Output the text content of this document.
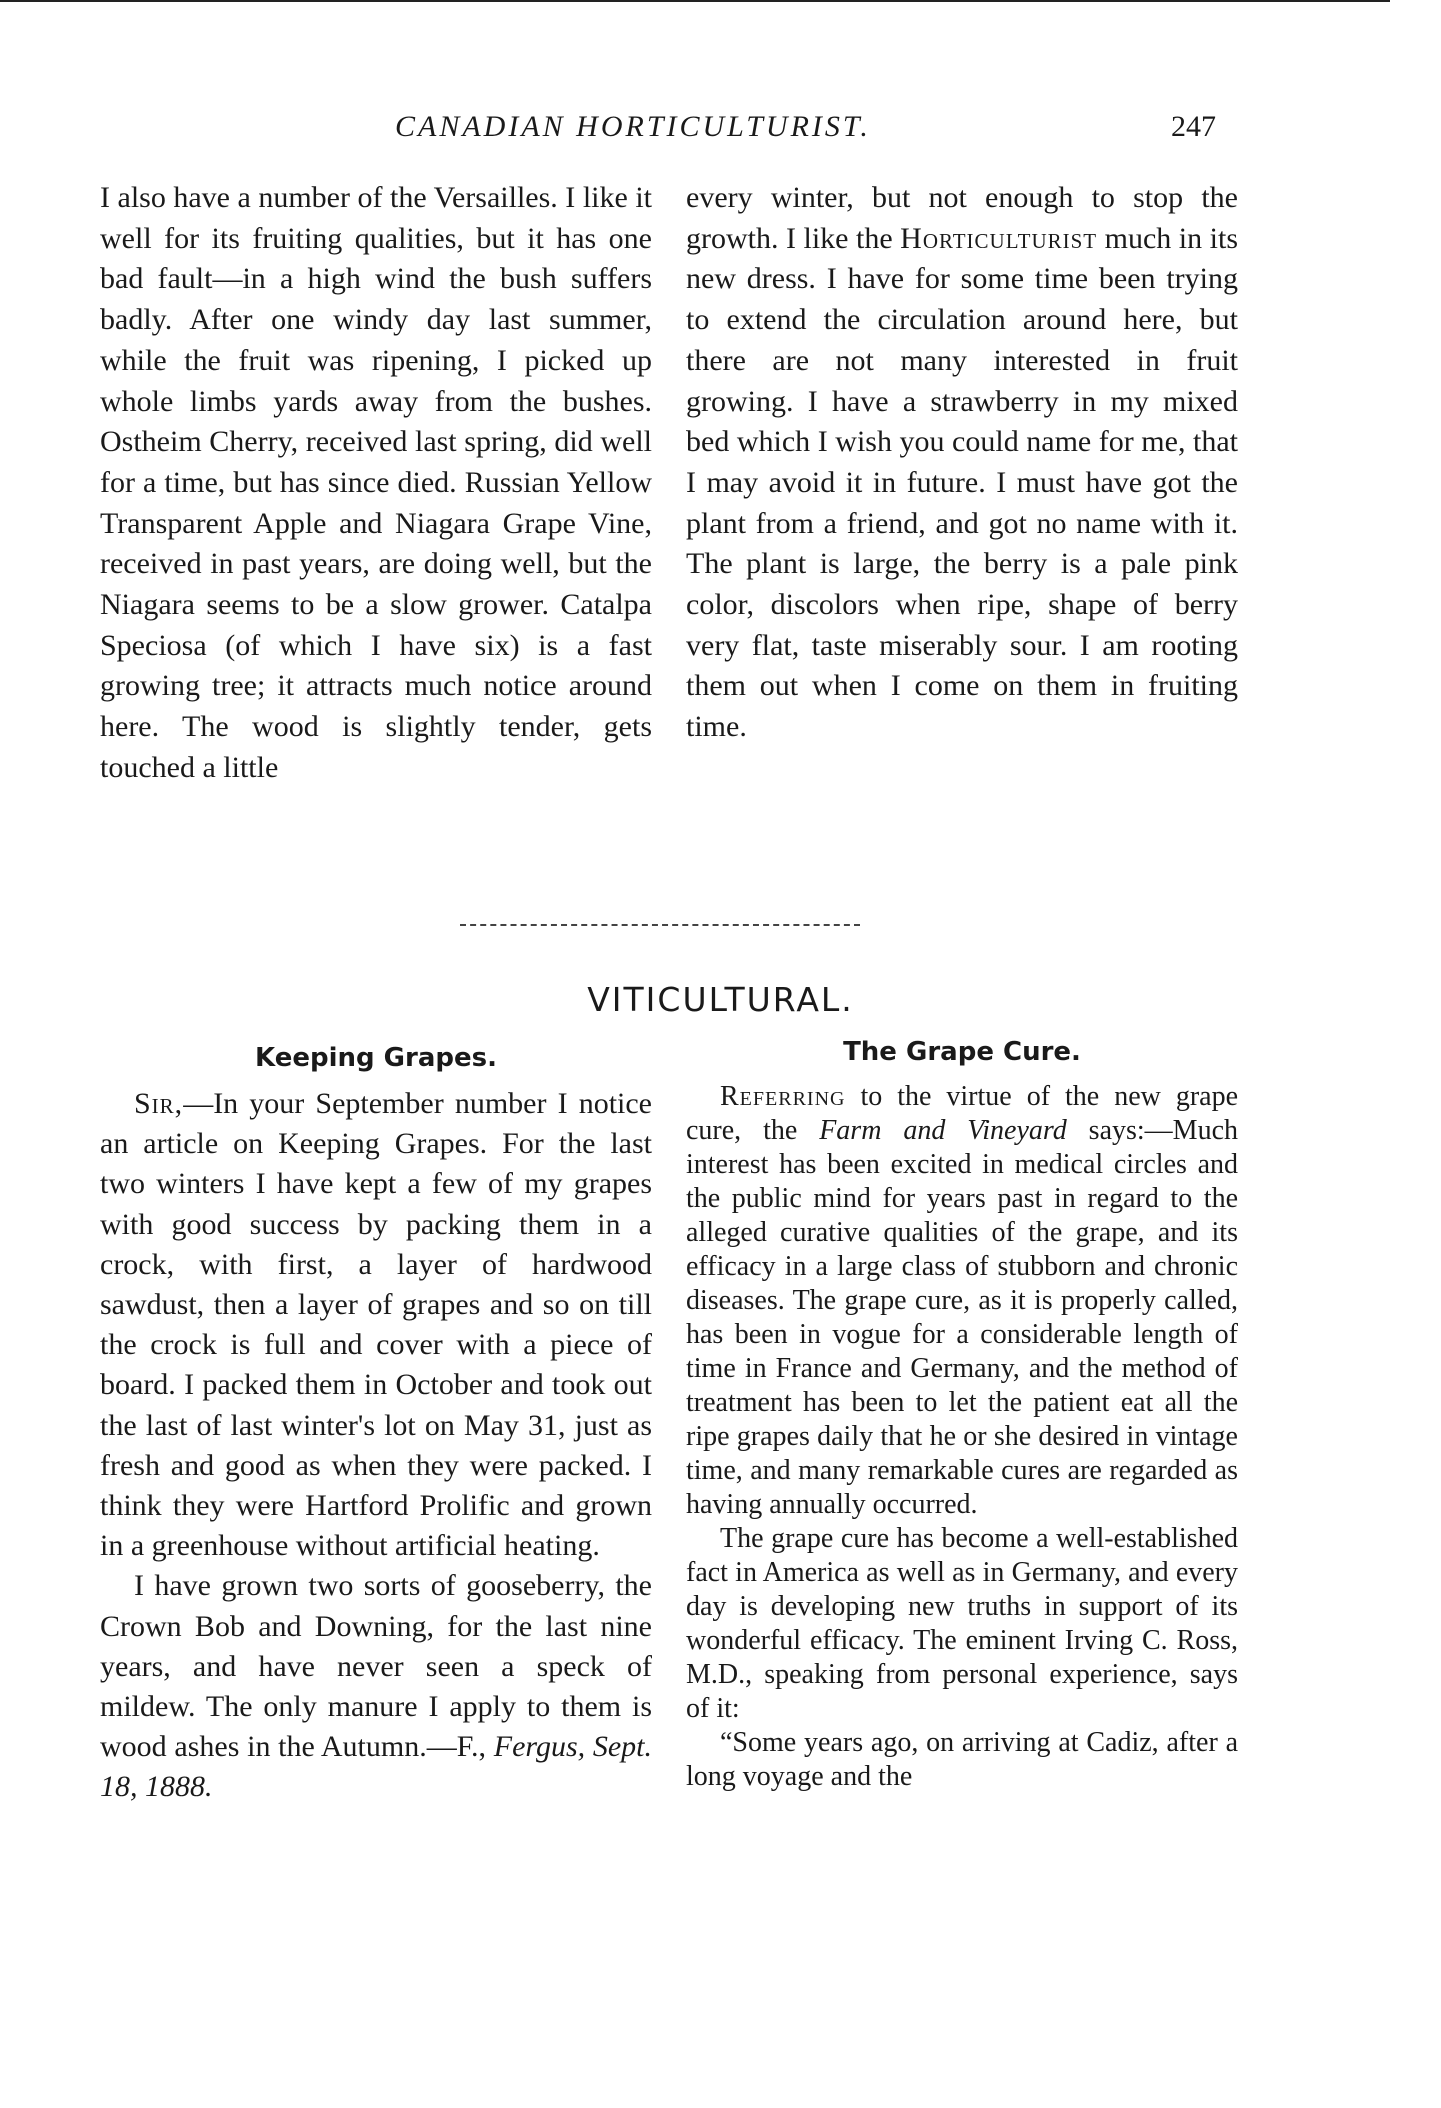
CANADIAN HORTICULTURIST.	247

I also have a number of the Versailles. I like it well for its fruiting qualities, but it has one bad fault—in a high wind the bush suffers badly. After one windy day last summer, while the fruit was ripening, I picked up whole limbs yards away from the bushes. Ostheim Cherry, received last spring, did well for a time, but has since died. Russian Yellow Transparent Apple and Niagara Grape Vine, received in past years, are doing well, but the Niagara seems to be a slow grower. Catalpa Speciosa (of which I have six) is a fast growing tree; it attracts much notice around here. The wood is slightly tender, gets touched a little

every winter, but not enough to stop the growth. I like the Horticulturist much in its new dress. I have for some time been trying to extend the circulation around here, but there are not many interested in fruit growing. I have a strawberry in my mixed bed which I wish you could name for me, that I may avoid it in future. I must have got the plant from a friend, and got no name with it. The plant is large, the berry is a pale pink color, discolors when ripe, shape of berry very flat, taste miserably sour. I am rooting them out when I come on them in fruiting time.

VITICULTURAL.
Keeping Grapes.	The Grape Cure.

Sir,—In your September number I notice an article on Keeping Grapes. For the last two winters I have kept a few of my grapes with good success by packing them in a crock, with first, a layer of hardwood sawdust, then a layer of grapes and so on till the crock is full and cover with a piece of board. I packed them in October and took out the last of last winter's lot on May 31, just as fresh and good as when they were packed. I think they were Hartford Prolific and grown in a greenhouse without artificial heating.

I have grown two sorts of gooseberry, the Crown Bob and Downing, for the last nine years, and have never seen a speck of mildew. The only manure I apply to them is wood ashes in the Autumn.—F., Fergus, Sept. 18, 1888.

Referring to the virtue of the new grape cure, the Farm and Vineyard says:—Much interest has been excited in medical circles and the public mind for years past in regard to the alleged curative qualities of the grape, and its efficacy in a large class of stubborn and chronic diseases. The grape cure, as it is properly called, has been in vogue for a considerable length of time in France and Germany, and the method of treatment has been to let the patient eat all the ripe grapes daily that he or she desired in vintage time, and many remarkable cures are regarded as having annually occurred.

The grape cure has become a well-established fact in America as well as in Germany, and every day is developing new truths in support of its wonderful efficacy. The eminent Irving C. Ross, M.D., speaking from personal experience, says of it:

“Some years ago, on arriving at Cadiz, after a long voyage and the
